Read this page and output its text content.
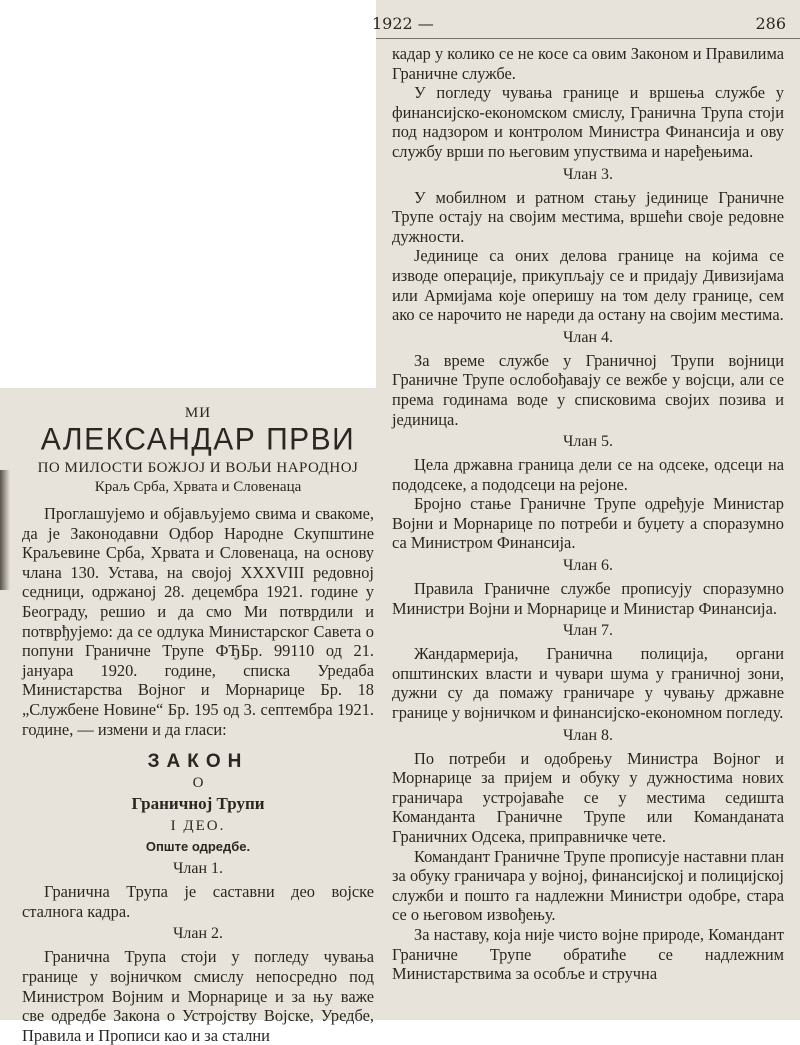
1922 —	286

МИ

АЛЕКСАНДАР ПРВИ

ПО МИЛОСТИ БОЖЈОЈ И ВОЉИ НАРОДНОЈ

Краљ Срба, Хрвата и Словенаца

Проглашујемо и објављујемо свима и свакоме, да је Законодавни Одбор Народне Скупштине Краљевине Срба, Хрвата и Словенаца, на основу члана 130. Устава, на својој XXXVIII редовној седници, одржаној 28. децембра 1921. године у Београду, решио и да смо Ми потврдили и потврђујемо: да се одлука Министарског Савета о попуни Граничне Трупе ФЂБр. 99110 од 21. јануара 1920. године, списка Уредаба Министарства Војног и Морнарице Бр. 18 „Службене Новине“ Бр. 195 од 3. септембра 1921. године, — измени и да гласи:

ЗАКОН

О

Граничној Трупи

I ДЕО.

Опште одредбе.

Члан 1.

Гранична Трупа је саставни део војске сталнога кадра.

Члан 2.

Гранична Трупа стоји у погледу чувања границе у војничком смислу непосредно под Министром Војним и Морнарице и за њу важе све одредбе Закона о Устројству Војске, Уредбе, Правила и Прописи као и за стални

кадар у колико се не косе са овим Законом и Правилима Граничне службе.

У погледу чувања границе и вршења службе у финансијско-економском смислу, Гранична Трупа стоји под надзором и контролом Министра Финансија и ову службу врши по његовим упуствима и наређењима.

Члан 3.

У мобилном и ратном стању јединице Граничне Трупе остају на својим местима, вршећи своје редовне дужности.

Јединице са оних делова границе на којима се изводе операције, прикупљају се и придају Дивизијама или Армијама које оперишу на том делу границе, сем ако се нарочито не нареди да остану на својим местима.

Члан 4.

За време службе у Граничној Трупи војници Граничне Трупе ослобођавају се вежбе у војсци, али се према годинама воде у списковима својих позива и јединица.

Члан 5.

Цела државна граница дели се на одсеке, одсеци на пододсеке, а пододсеци на рејоне.

Бројно стање Граничне Трупе одређује Министар Војни и Морнарице по потреби и буџету а споразумно са Министром Финансија.

Члан 6.

Правила Граничне службе прописују споразумно Министри Војни и Морнарице и Министар Финансија.

Члан 7.

Жандармерија, Гранична полиција, органи општинских власти и чувари шума у граничној зони, дужни су да помажу граничаре у чувању државне границе у војничком и финансијско-економном погледу.

Члан 8.

По потреби и одобрењу Министра Војног и Морнарице за пријем и обуку у дужностима нових граничара устројаваће се у местима седишта Команданта Граничне Трупе или Команданата Граничних Одсека, приправничке чете.

Командант Граничне Трупе прописује наставни план за обуку граничара у војној, финансијској и полицијској служби и пошто га надлежни Министри одобре, стара се о његовом извођењу.

За наставу, која није чисто војне природе, Командант Граничне Трупе обратиће се надлежним Министарствима за особље и стручна
